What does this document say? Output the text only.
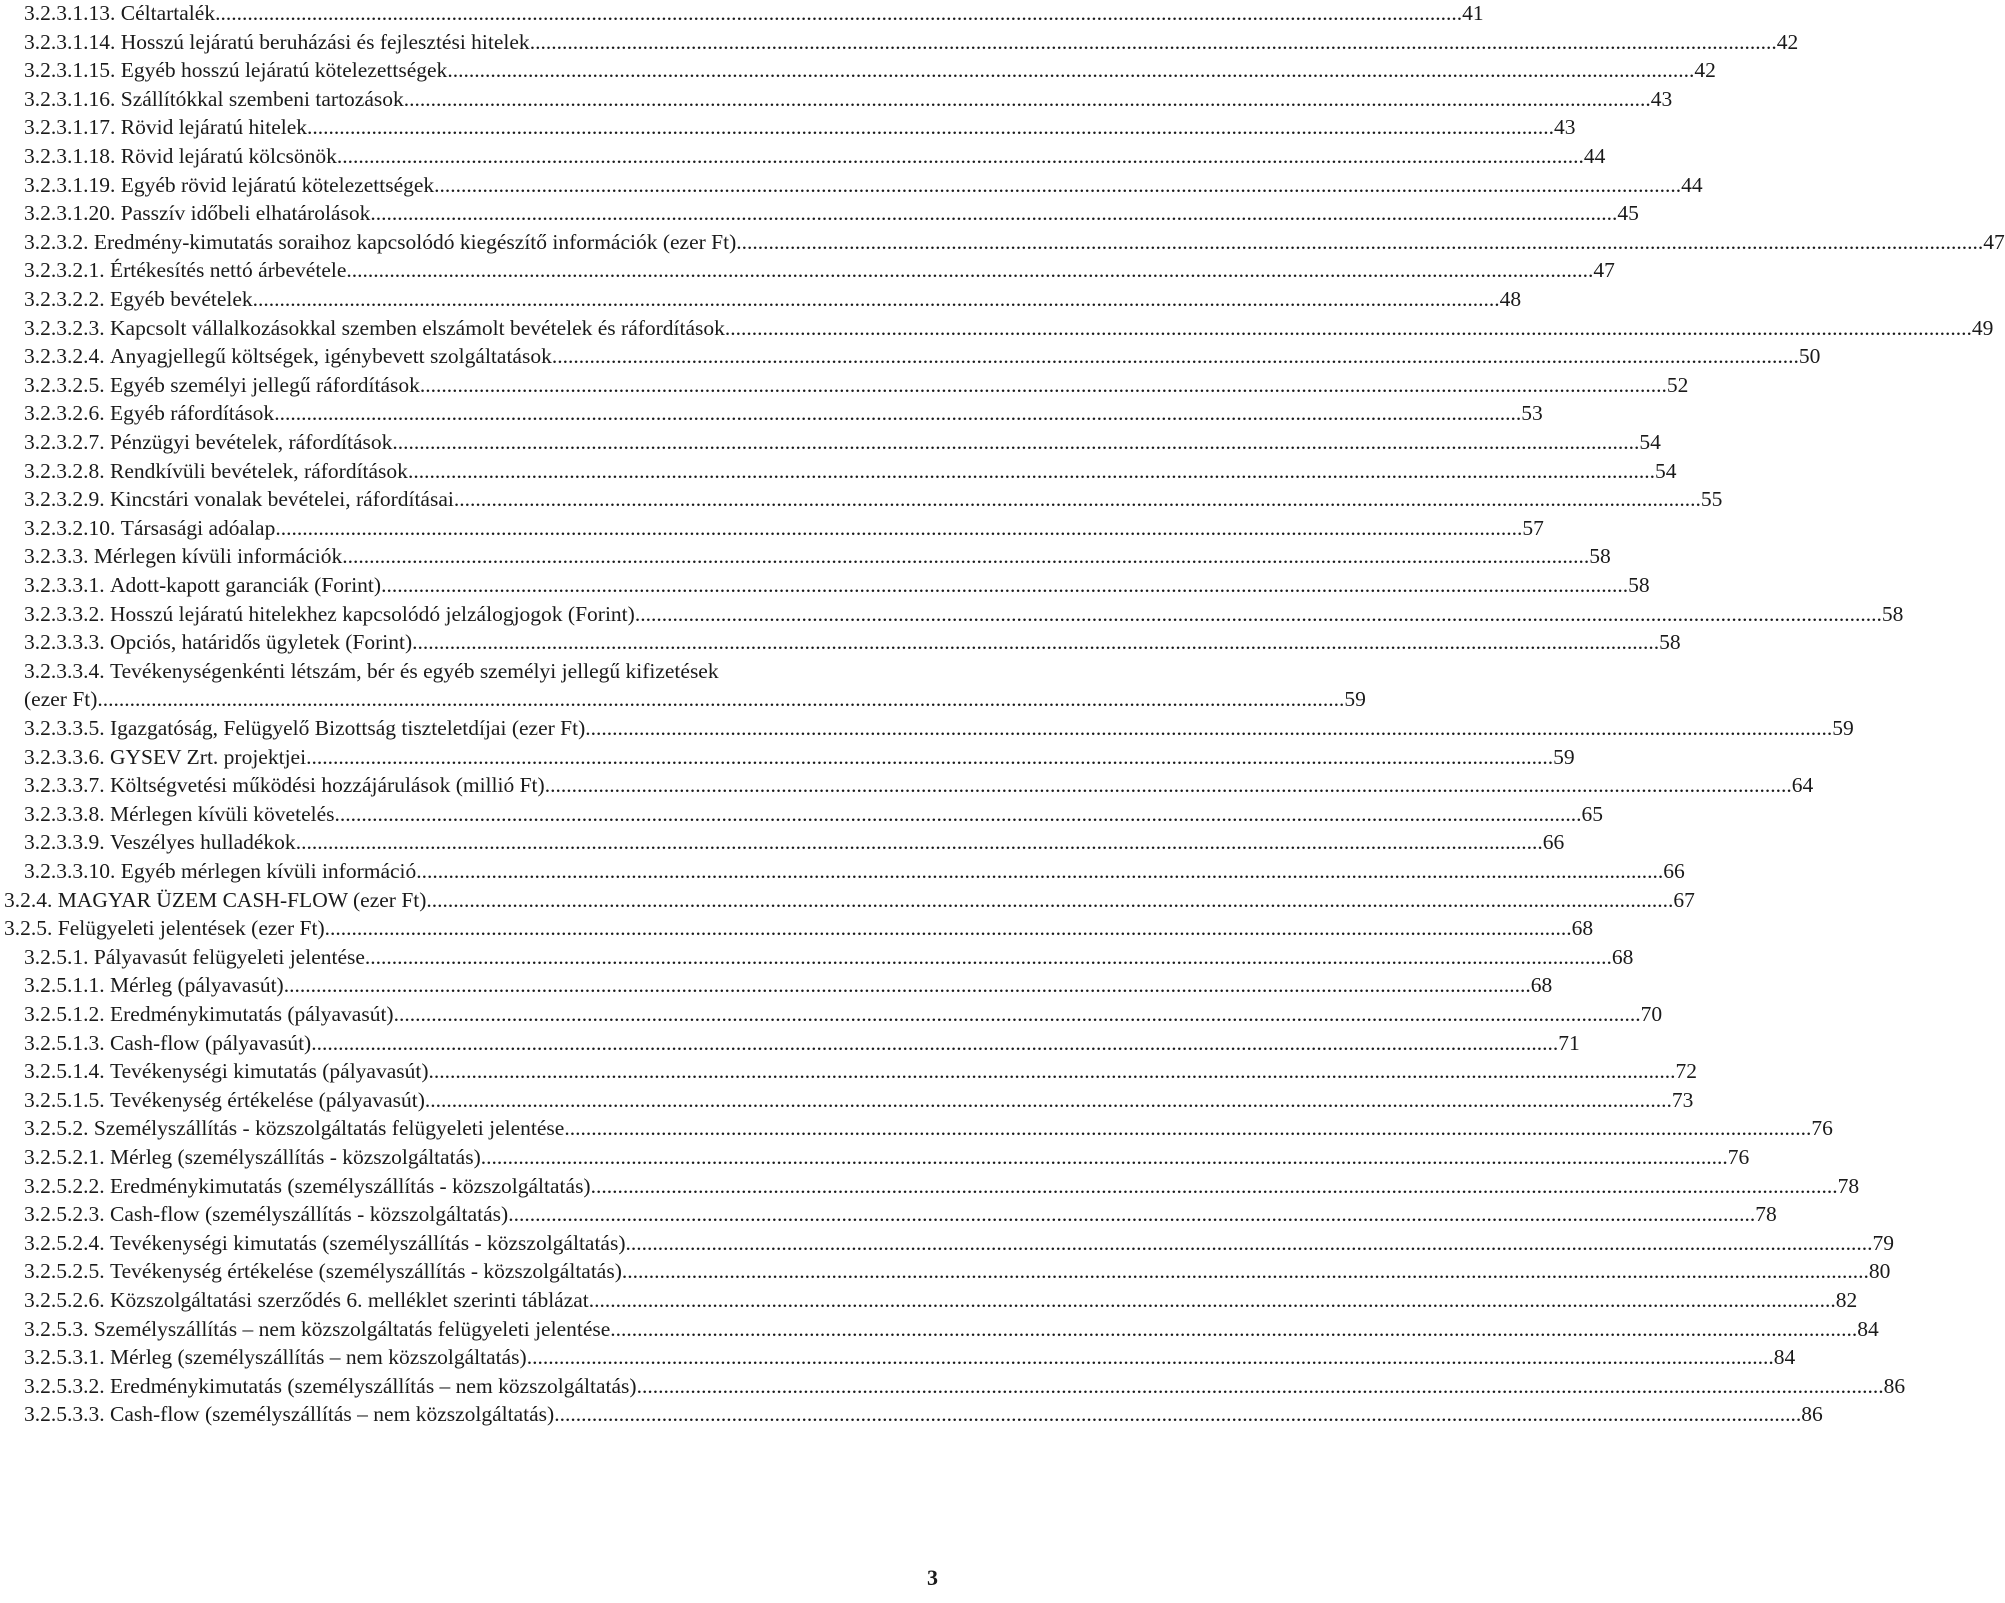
3.2.3.1.13.
Céltartalék .....	41
3.2.3.1.14.
Hosszú lejáratú beruházási és fejlesztési hitelek .....	42
3.2.3.1.15.
Egyéb hosszú lejáratú kötelezettségek .....	42
3.2.3.1.16.
Szállítókkal szembeni tartozások .....	43
3.2.3.1.17.
Rövid lejáratú hitelek .....	43
3.2.3.1.18.
Rövid lejáratú kölcsönök .....	44
3.2.3.1.19.
Egyéb rövid lejáratú kötelezettségek .....	44
3.2.3.1.20.
Passzív időbeli elhatárolások .....	45
3.2.3.2.
Eredmény-kimutatás soraihoz kapcsolódó kiegészítő információk (ezer Ft) .....	47
3.2.3.2.1.
Értékesítés nettó árbevétele .....	47
3.2.3.2.2.
Egyéb bevételek .....	48
3.2.3.2.3.
Kapcsolt vállalkozásokkal szemben elszámolt bevételek és ráfordítások .....	49
3.2.3.2.4.
Anyagjellegű költségek, igénybevett szolgáltatások .....	50
3.2.3.2.5.
Egyéb személyi jellegű ráfordítások .....	52
3.2.3.2.6.
Egyéb ráfordítások .....	53
3.2.3.2.7.
Pénzügyi bevételek, ráfordítások .....	54
3.2.3.2.8.
Rendkívüli bevételek, ráfordítások .....	54
3.2.3.2.9.
Kincstári vonalak bevételei, ráfordításai .....	55
3.2.3.2.10.
Társasági adóalap .....	57
3.2.3.3.
Mérlegen kívüli információk .....	58
3.2.3.3.1.
Adott-kapott garanciák (Forint) .....	58
3.2.3.3.2.
Hosszú lejáratú hitelekhez kapcsolódó jelzálogjogok (Forint) .....	58
3.2.3.3.3.
Opciós, határidős ügyletek (Forint) .....	58
3.2.3.3.4. Tevékenységenkénti létszám, bér és egyéb személyi jellegű kifizetések
(ezer Ft) .....	59
3.2.3.3.5.
Igazgatóság, Felügyelő Bizottság tiszteletdíjai (ezer Ft) .....	59
3.2.3.3.6.
GYSEV Zrt. projektjei .....	59
3.2.3.3.7.
Költségvetési működési hozzájárulások (millió Ft) .....	64
3.2.3.3.8.
Mérlegen kívüli követelés .....	65
3.2.3.3.9.
Veszélyes hulladékok .....	66
3.2.3.3.10.
Egyéb mérlegen kívüli információ .....	66
3.2.4.
MAGYAR ÜZEM CASH-FLOW (ezer Ft) .....	67
3.2.5.
Felügyeleti jelentések (ezer Ft) .....	68
3.2.5.1.
Pályavasút felügyeleti jelentése .....	68
3.2.5.1.1.
Mérleg (pályavasút) .....	68
3.2.5.1.2.
Eredménykimutatás (pályavasút) .....	70
3.2.5.1.3.
Cash-flow (pályavasút) .....	71
3.2.5.1.4.
Tevékenységi kimutatás (pályavasút) .....	72
3.2.5.1.5.
Tevékenység értékelése (pályavasút) .....	73
3.2.5.2.
Személyszállítás - közszolgáltatás felügyeleti jelentése .....	76
3.2.5.2.1.
Mérleg (személyszállítás - közszolgáltatás) .....	76
3.2.5.2.2.
Eredménykimutatás (személyszállítás - közszolgáltatás) .....	78
3.2.5.2.3.
Cash-flow (személyszállítás - közszolgáltatás) .....	78
3.2.5.2.4.
Tevékenységi kimutatás (személyszállítás - közszolgáltatás) .....	79
3.2.5.2.5.
Tevékenység értékelése (személyszállítás - közszolgáltatás) .....	80
3.2.5.2.6.
Közszolgáltatási szerződés 6. melléklet szerinti táblázat .....	82
3.2.5.3.
Személyszállítás – nem közszolgáltatás felügyeleti jelentése .....	84
3.2.5.3.1.
Mérleg (személyszállítás – nem közszolgáltatás) .....	84
3.2.5.3.2.
Eredménykimutatás (személyszállítás – nem közszolgáltatás) .....	86
3.2.5.3.3.
Cash-flow (személyszállítás – nem közszolgáltatás) .....	86
3
